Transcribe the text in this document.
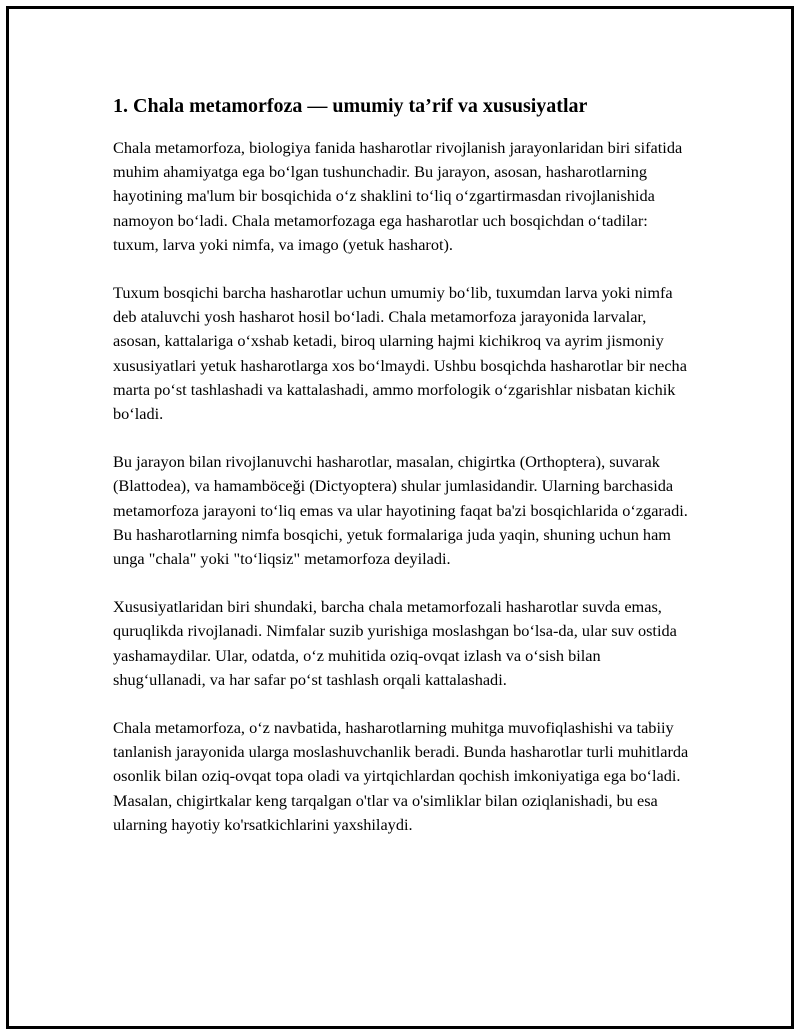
1. Chala metamorfoza — umumiy ta’rif va xususiyatlar

Chala metamorfoza, biologiya fanida hasharotlar rivojlanish jarayonlaridan biri sifatida muhim ahamiyatga ega bo‘lgan tushunchadir. Bu jarayon, asosan, hasharotlarning hayotining ma'lum bir bosqichida o‘z shaklini to‘liq o‘zgartirmasdan rivojlanishida namoyon bo‘ladi. Chala metamorfozaga ega hasharotlar uch bosqichdan o‘tadilar: tuxum, larva yoki nimfa, va imago (yetuk hasharot).

Tuxum bosqichi barcha hasharotlar uchun umumiy bo‘lib, tuxumdan larva yoki nimfa deb ataluvchi yosh hasharot hosil bo‘ladi. Chala metamorfoza jarayonida larvalar, asosan, kattalariga o‘xshab ketadi, biroq ularning hajmi kichikroq va ayrim jismoniy xususiyatlari yetuk hasharotlarga xos bo‘lmaydi. Ushbu bosqichda hasharotlar bir necha marta po‘st tashlashadi va kattalashadi, ammo morfologik o‘zgarishlar nisbatan kichik bo‘ladi.

Bu jarayon bilan rivojlanuvchi hasharotlar, masalan, chigirtka (Orthoptera), suvarak (Blattodea), va hamamböceği (Dictyoptera) shular jumlasidandir. Ularning barchasida metamorfoza jarayoni to‘liq emas va ular hayotining faqat ba'zi bosqichlarida o‘zgaradi. Bu hasharotlarning nimfa bosqichi, yetuk formalariga juda yaqin, shuning uchun ham unga "chala" yoki "to‘liqsiz" metamorfoza deyiladi.

Xususiyatlaridan biri shundaki, barcha chala metamorfozali hasharotlar suvda emas, quruqlikda rivojlanadi. Nimfalar suzib yurishiga moslashgan bo‘lsa-da, ular suv ostida yashamaydilar. Ular, odatda, o‘z muhitida oziq-ovqat izlash va o‘sish bilan shug‘ullanadi, va har safar po‘st tashlash orqali kattalashadi.

Chala metamorfoza, o‘z navbatida, hasharotlarning muhitga muvofiqlashishi va tabiiy tanlanish jarayonida ularga moslashuvchanlik beradi. Bunda hasharotlar turli muhitlarda osonlik bilan oziq-ovqat topa oladi va yirtqichlardan qochish imkoniyatiga ega bo‘ladi. Masalan, chigirtkalar keng tarqalgan o'tlar va o'simliklar bilan oziqlanishadi, bu esa ularning hayotiy ko'rsatkichlarini yaxshilaydi.
